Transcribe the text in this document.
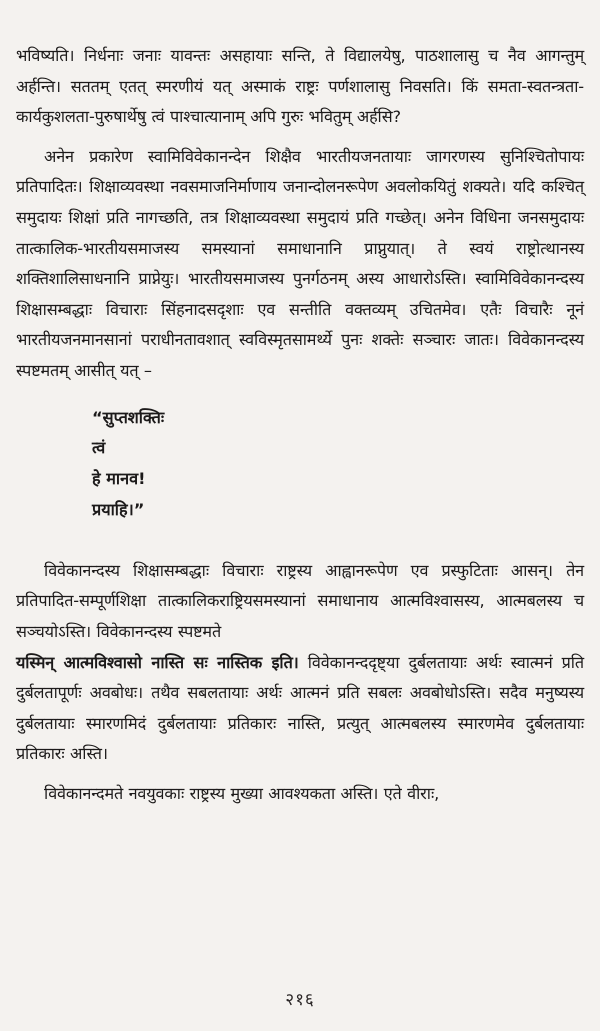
भविष्यति। निर्धनाः जनाः यावन्तः असहायाः सन्ति, ते विद्यालयेषु, पाठशालासु च नैव आगन्तुम् अर्हन्ति। सततम् एतत् स्मरणीयं यत् अस्माकं राष्ट्रः पर्णशालासु निवसति। किं समता-स्वतन्त्रता-कार्यकुशलता-पुरुषार्थेषु त्वं पाश्चात्यानाम् अपि गुरुः भवितुम् अर्हसि?

अनेन प्रकारेण स्वामिविवेकानन्देन शिक्षैव भारतीयजनतायाः जागरणस्य सुनिश्चितोपायः प्रतिपादितः। शिक्षाव्यवस्था नवसमाजनिर्माणाय जनान्दोलनरूपेण अवलोकयितुं शक्यते। यदि कश्चित् समुदायः शिक्षां प्रति नागच्छति, तत्र शिक्षाव्यवस्था समुदायं प्रति गच्छेत्। अनेन विधिना जनसमुदायः तात्कालिक-भारतीयसमाजस्य समस्यानां समाधानानि प्राप्नुयात्। ते स्वयं राष्ट्रोत्थानस्य शक्तिशालिसाधनानि प्राप्नेयुः। भारतीयसमाजस्य पुनर्गठनम् अस्य आधारोऽस्ति। स्वामिविवेकानन्दस्य शिक्षासम्बद्धाः विचाराः सिंहनादसदृशाः एव सन्तीति वक्तव्यम् उचितमेव। एतैः विचारैः नूनं भारतीयजनमानसानां पराधीनतावशात् स्वविस्मृतसामर्थ्ये पुनः शक्तेः सञ्चारः जातः। विवेकानन्दस्य स्पष्टमतम् आसीत् यत् –

“सुप्तशक्तिः
त्वं
हे मानव!
प्रयाहि।”

विवेकानन्दस्य शिक्षासम्बद्धाः विचाराः राष्ट्रस्य आह्वानरूपेण एव प्रस्फुटिताः आसन्। तेन प्रतिपादित-सम्पूर्णशिक्षा तात्कालिकराष्ट्रियसमस्यानां समाधानाय आत्मविश्वासस्य, आत्मबलस्य च सञ्चयोऽस्ति। विवेकानन्दस्य स्पष्टमते
यस्मिन् आत्मविश्वासो नास्ति सः नास्तिक इति। विवेकानन्ददृष्ट्या दुर्बलतायाः अर्थः स्वात्मनं प्रति दुर्बलतापूर्णः अवबोधः। तथैव सबलतायाः अर्थः आत्मनं प्रति सबलः अवबोधोऽस्ति। सदैव मनुष्यस्य दुर्बलतायाः स्मारणमिदं दुर्बलतायाः प्रतिकारः नास्ति, प्रत्युत् आत्मबलस्य स्मारणमेव दुर्बलतायाः प्रतिकारः अस्ति।

विवेकानन्दमते नवयुवकाः राष्ट्रस्य मुख्या आवश्यकता अस्ति। एते वीराः,

२१६
